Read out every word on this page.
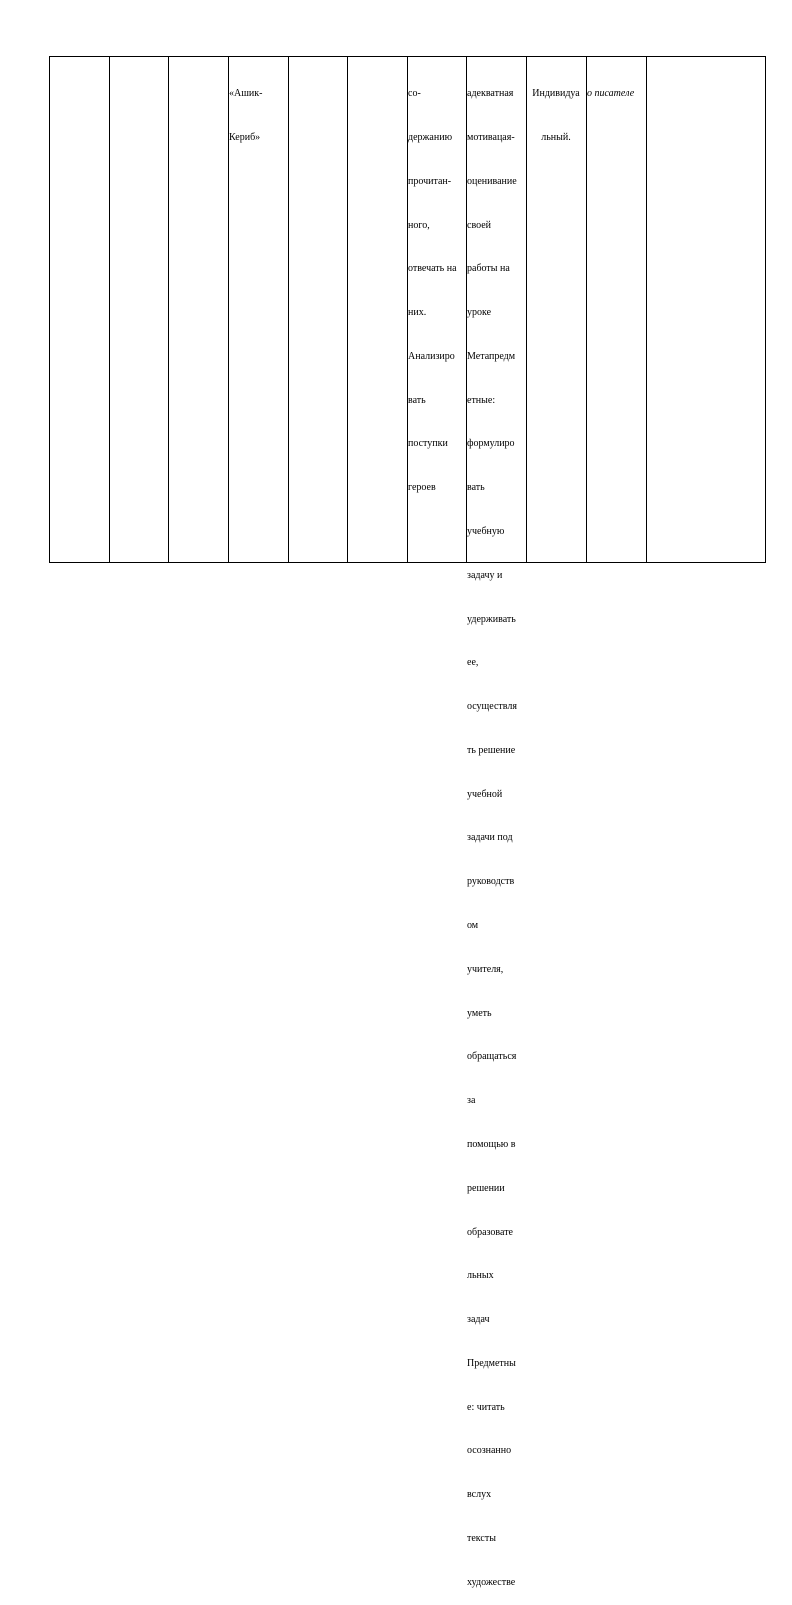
«Ашик-

Кериб»

со-

держанию

прочитан-

ного,

отвечать на

них.

Анализиро

вать

поступки

героев

адекватная

мотивацая-

оценивание

своей

работы на

уроке

Метапредм

етные:

формулиро

вать

учебную

задачу и

удерживать

ее,

осуществля

ть решение

учебной

задачи под

руководств

ом

учителя,

уметь

обращаться

за

помощью в

решении

образовате

льных

задач

Предметны

е: читать

осознанно

вслух

тексты

художестве

Индивидуа

льный.

о писателе
